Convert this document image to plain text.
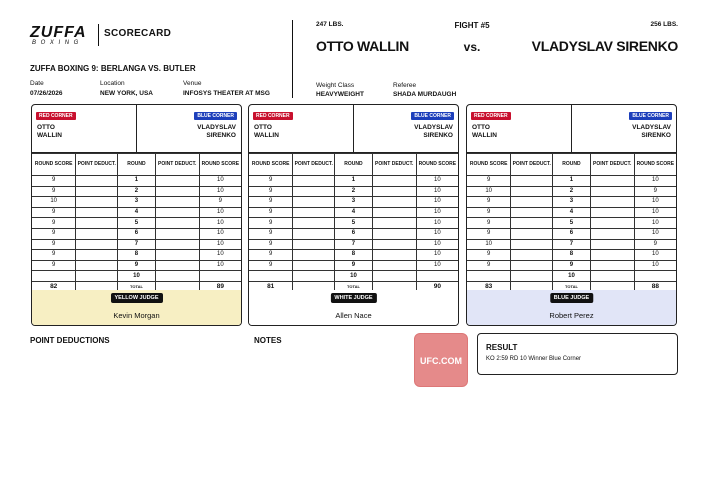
ZUFFA
BOXING
SCORECARD
ZUFFA BOXING 9: BERLANGA VS. BUTLER
Date
07/26/2026
Location
NEW YORK, USA
Venue
INFOSYS THEATER AT MSG
247 LBS.	FIGHT #5	256 LBS.
OTTO WALLIN	vs.	VLADYSLAV SIRENKO
Weight Class
HEAVYWEIGHT
Referee
SHADA MURDAUGH
RED CORNER
OTTO
WALLIN
BLUE CORNER
VLADYSLAV
SIRENKO
ROUND SCORE	POINT DEDUCT.	ROUND	POINT DEDUCT.	ROUND SCORE
9		1		10
9		2		10
10		3		9
9		4		10
9		5		10
9		6		10
9		7		10
9		8		10
9		9		10
		10		
82		TOTAL		89
YELLOW JUDGE
Kevin Morgan
RED CORNER
OTTO
WALLIN
BLUE CORNER
VLADYSLAV
SIRENKO
ROUND SCORE	POINT DEDUCT.	ROUND	POINT DEDUCT.	ROUND SCORE
9		1		10
9		2		10
9		3		10
9		4		10
9		5		10
9		6		10
9		7		10
9		8		10
9		9		10
		10		
81		TOTAL		90
WHITE JUDGE
Allen Nace
RED CORNER
OTTO
WALLIN
BLUE CORNER
VLADYSLAV
SIRENKO
ROUND SCORE	POINT DEDUCT.	ROUND	POINT DEDUCT.	ROUND SCORE
9		1		10
10		2		9
9		3		10
9		4		10
9		5		10
9		6		10
10		7		9
9		8		10
9		9		10
		10		
83		TOTAL		88
BLUE JUDGE
Robert Perez
POINT DEDUCTIONS	NOTES
UFC.COM
RESULT
KO 2:59 RD 10 Winner Blue Corner
